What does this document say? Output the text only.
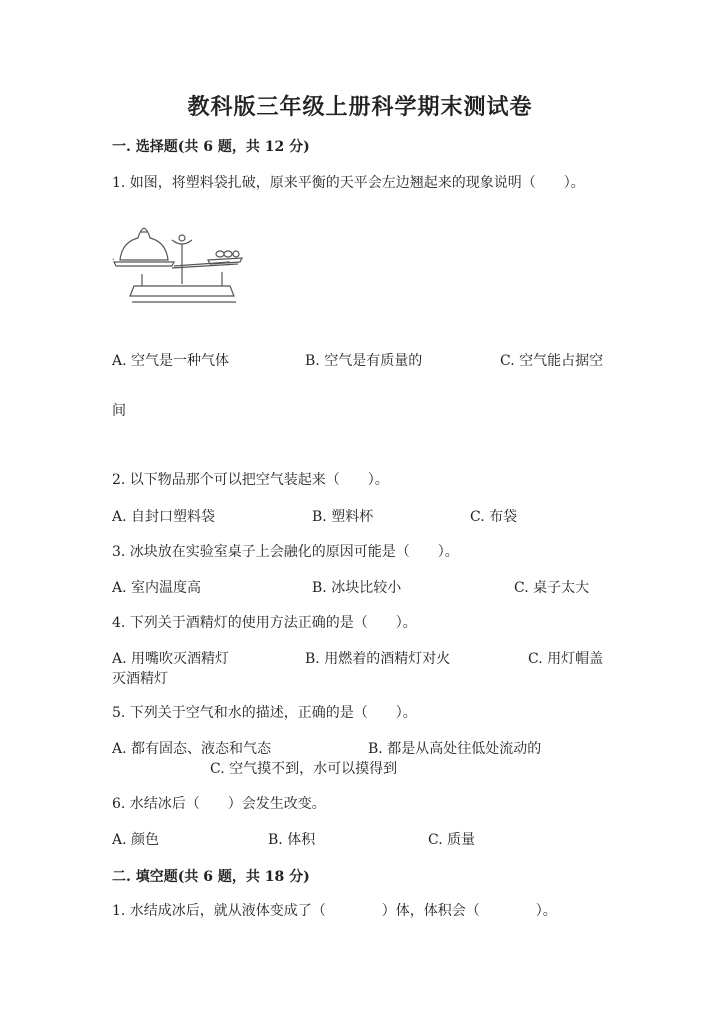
教科版三年级上册科学期末测试卷
一. 选择题(共 6 题，共 12 分)
1. 如图，将塑料袋扎破，原来平衡的天平会左边翘起来的现象说明（　　）。
A. 空气是一种气体	B. 空气是有质量的	C. 空气能占据空
间
2. 以下物品那个可以把空气装起来（　　）。
A. 自封口塑料袋	B. 塑料杯	C. 布袋
3. 冰块放在实验室桌子上会融化的原因可能是（　　）。
A. 室内温度高	B. 冰块比较小	C. 桌子太大
4. 下列关于酒精灯的使用方法正确的是（　　）。
A. 用嘴吹灭酒精灯	B. 用燃着的酒精灯对火	C. 用灯帽盖
灭酒精灯
5. 下列关于空气和水的描述，正确的是（　　）。
A. 都有固态、液态和气态	B. 都是从高处往低处流动的
C. 空气摸不到，水可以摸得到
6. 水结冰后（　　）会发生改变。
A. 颜色	B. 体积	C. 质量
二. 填空题(共 6 题，共 18 分)
1. 水结成冰后，就从液体变成了（　　　　）体，体积会（　　　　）。
